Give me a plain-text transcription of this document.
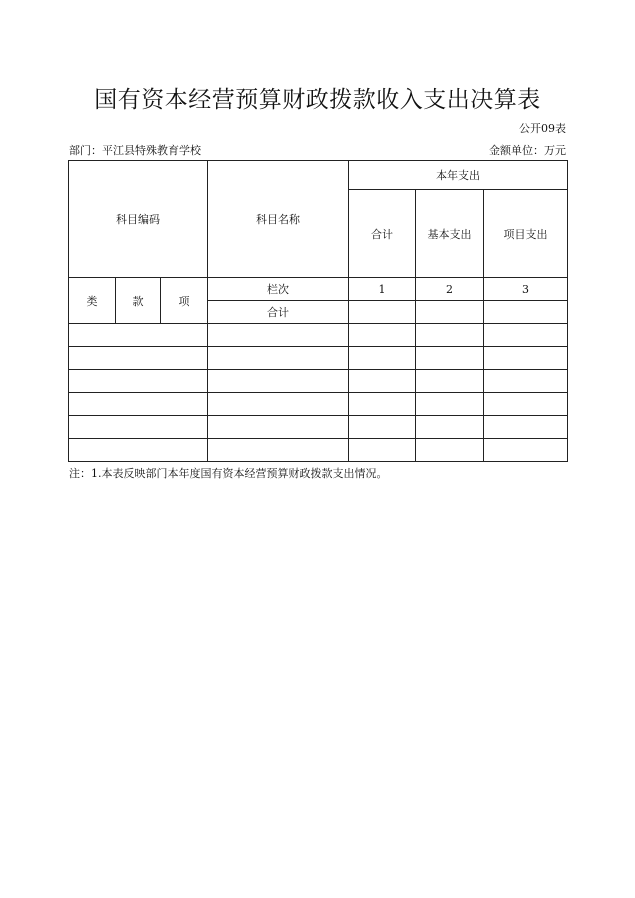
国有资本经营预算财政拨款收入支出决算表
公开09表
部门：平江县特殊教育学校	金额单位：万元
科目编码			科目名称	本年支出		
				合计	基本支出	项目支出
类	款	项	栏次	1	2	3
			合计			

注：1.本表反映部门本年度国有资本经营预算财政拨款支出情况。
